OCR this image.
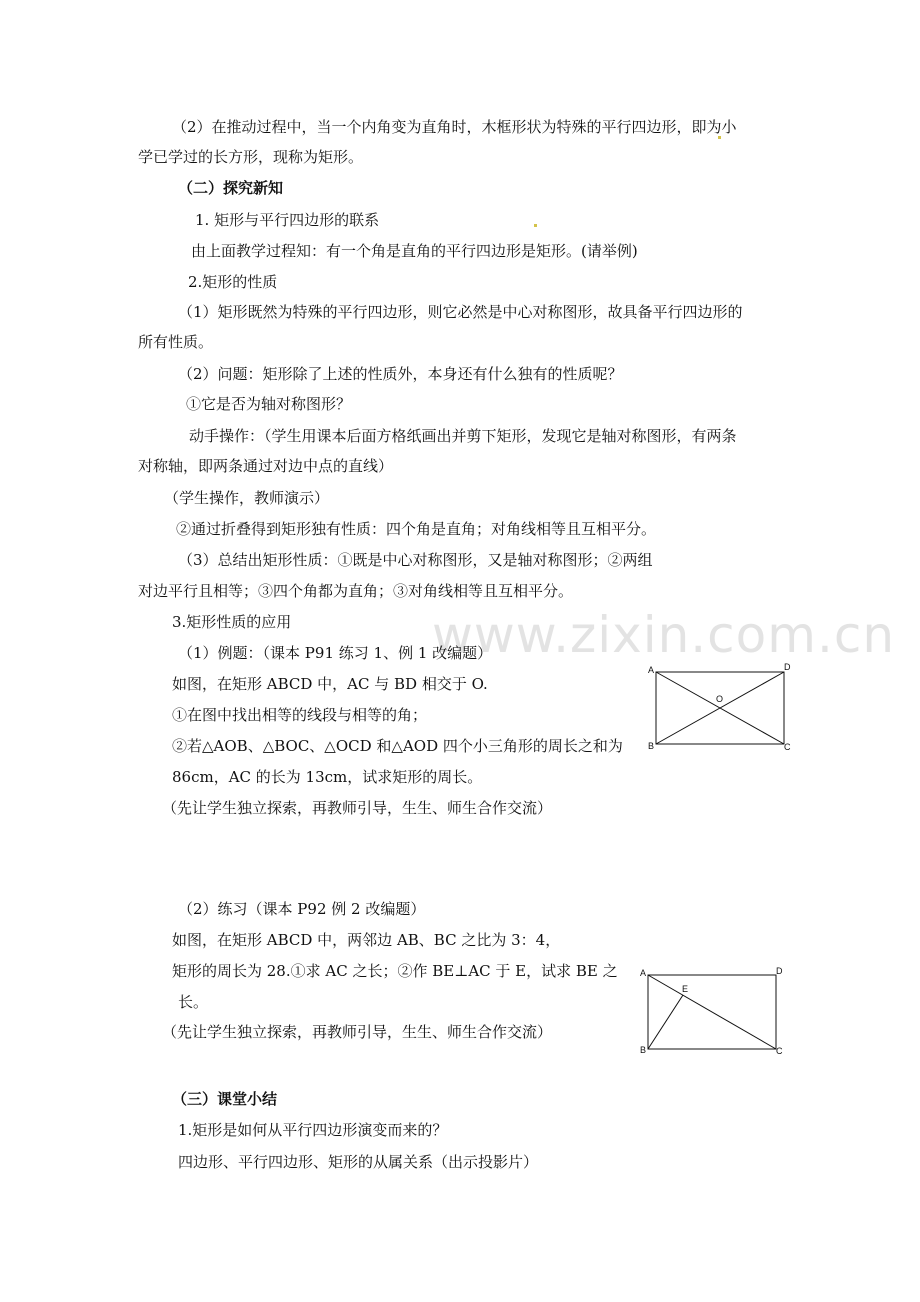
www.zixin.com.cn
（2）在推动过程中，当一个内角变为直角时，木框形状为特殊的平行四边形，即为小
学已学过的长方形，现称为矩形。
（二）探究新知
1. 矩形与平行四边形的联系
由上面教学过程知：有一个角是直角的平行四边形是矩形。(请举例)
2.矩形的性质
（1）矩形既然为特殊的平行四边形，则它必然是中心对称图形，故具备平行四边形的
所有性质。
（2）问题：矩形除了上述的性质外，本身还有什么独有的性质呢？
①它是否为轴对称图形？
动手操作：（学生用课本后面方格纸画出并剪下矩形，发现它是轴对称图形，有两条
对称轴，即两条通过对边中点的直线）
（学生操作，教师演示）
②通过折叠得到矩形独有性质：四个角是直角；对角线相等且互相平分。
（3）总结出矩形性质：①既是中心对称图形，又是轴对称图形；②两组
对边平行且相等；③四个角都为直角；③对角线相等且互相平分。
3.矩形性质的应用
（1）例题：（课本 P91 练习 1、例 1 改编题）
如图，在矩形 ABCD 中，AC 与 BD 相交于 O.
①在图中找出相等的线段与相等的角；
②若△AOB、△BOC、△OCD 和△AOD 四个小三角形的周长之和为
86cm，AC 的长为 13cm，试求矩形的周长。
（先让学生独立探索，再教师引导，生生、师生合作交流）
（2）练习（课本 P92 例 2 改编题）
如图，在矩形 ABCD 中，两邻边 AB、BC 之比为 3：4，
矩形的周长为 28.①求 AC 之长；②作 BE⊥AC 于 E，试求 BE 之
长。
（先让学生独立探索，再教师引导，生生、师生合作交流）
（三）课堂小结
1.矩形是如何从平行四边形演变而来的？
四边形、平行四边形、矩形的从属关系（出示投影片）
A	D
O
B	C
A	D
E
B	C
